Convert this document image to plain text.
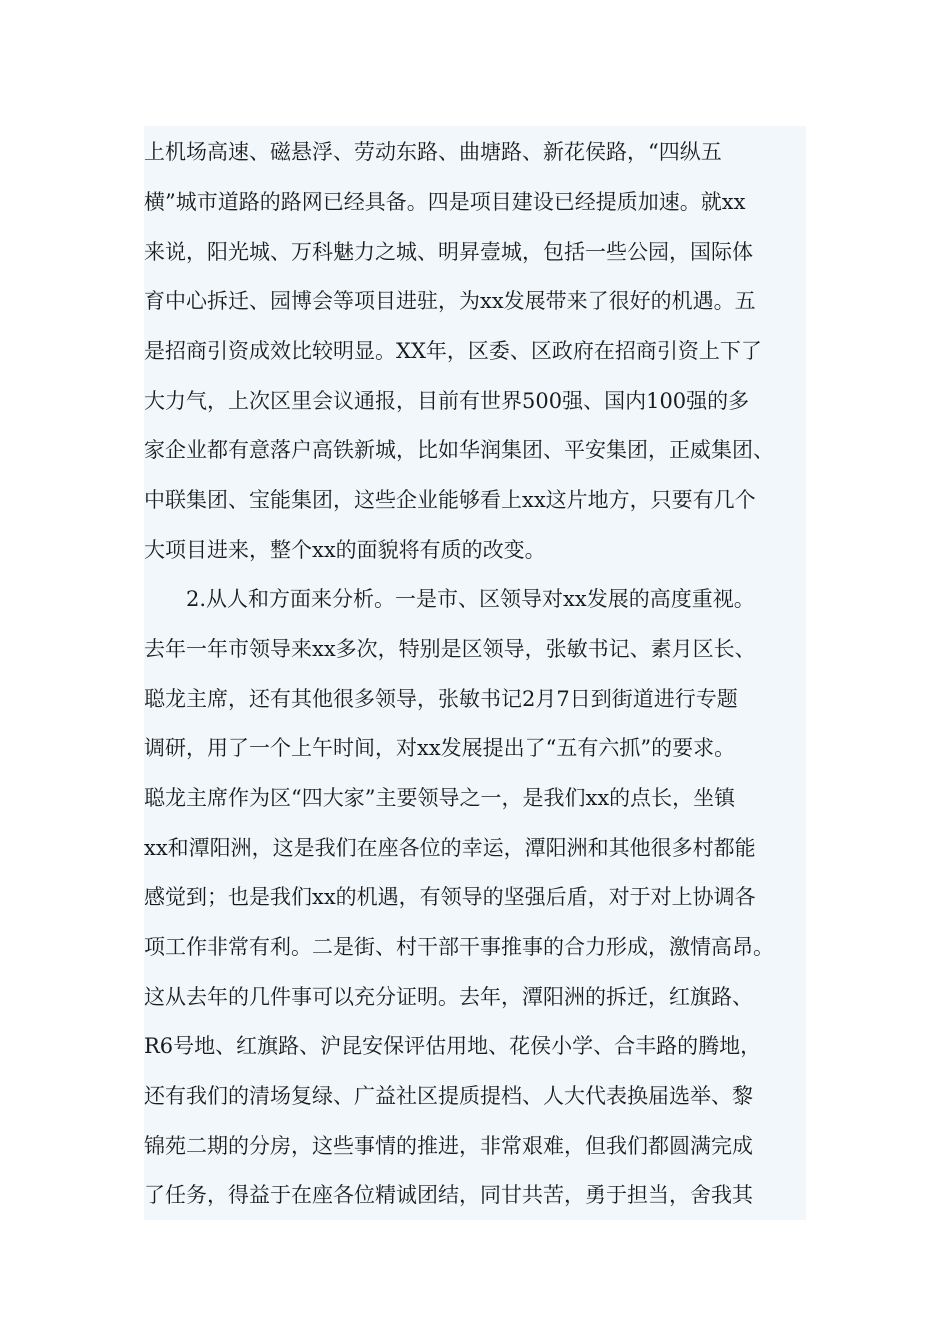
上机场高速、磁悬浮、劳动东路、曲塘路、新花侯路，“四纵五
横”城市道路的路网已经具备。四是项目建设已经提质加速。就xx
来说，阳光城、万科魅力之城、明昇壹城，包括一些公园，国际体
育中心拆迁、园博会等项目进驻，为xx发展带来了很好的机遇。五
是招商引资成效比较明显。XX年，区委、区政府在招商引资上下了
大力气，上次区里会议通报，目前有世界500强、国内100强的多
家企业都有意落户高铁新城，比如华润集团、平安集团，正威集团、
中联集团、宝能集团，这些企业能够看上xx这片地方，只要有几个
大项目进来，整个xx的面貌将有质的改变。
　　2.从人和方面来分析。一是市、区领导对xx发展的高度重视。
去年一年市领导来xx多次，特别是区领导，张敏书记、素月区长、
聪龙主席，还有其他很多领导，张敏书记2月7日到街道进行专题
调研，用了一个上午时间，对xx发展提出了“五有六抓”的要求。
聪龙主席作为区“四大家”主要领导之一，是我们xx的点长，坐镇
xx和潭阳洲，这是我们在座各位的幸运，潭阳洲和其他很多村都能
感觉到；也是我们xx的机遇，有领导的坚强后盾，对于对上协调各
项工作非常有利。二是街、村干部干事推事的合力形成，激情高昂。
这从去年的几件事可以充分证明。去年，潭阳洲的拆迁，红旗路、
R6号地、红旗路、沪昆安保评估用地、花侯小学、合丰路的腾地，
还有我们的清场复绿、广益社区提质提档、人大代表换届选举、黎
锦苑二期的分房，这些事情的推进，非常艰难，但我们都圆满完成
了任务，得益于在座各位精诚团结，同甘共苦，勇于担当，舍我其
